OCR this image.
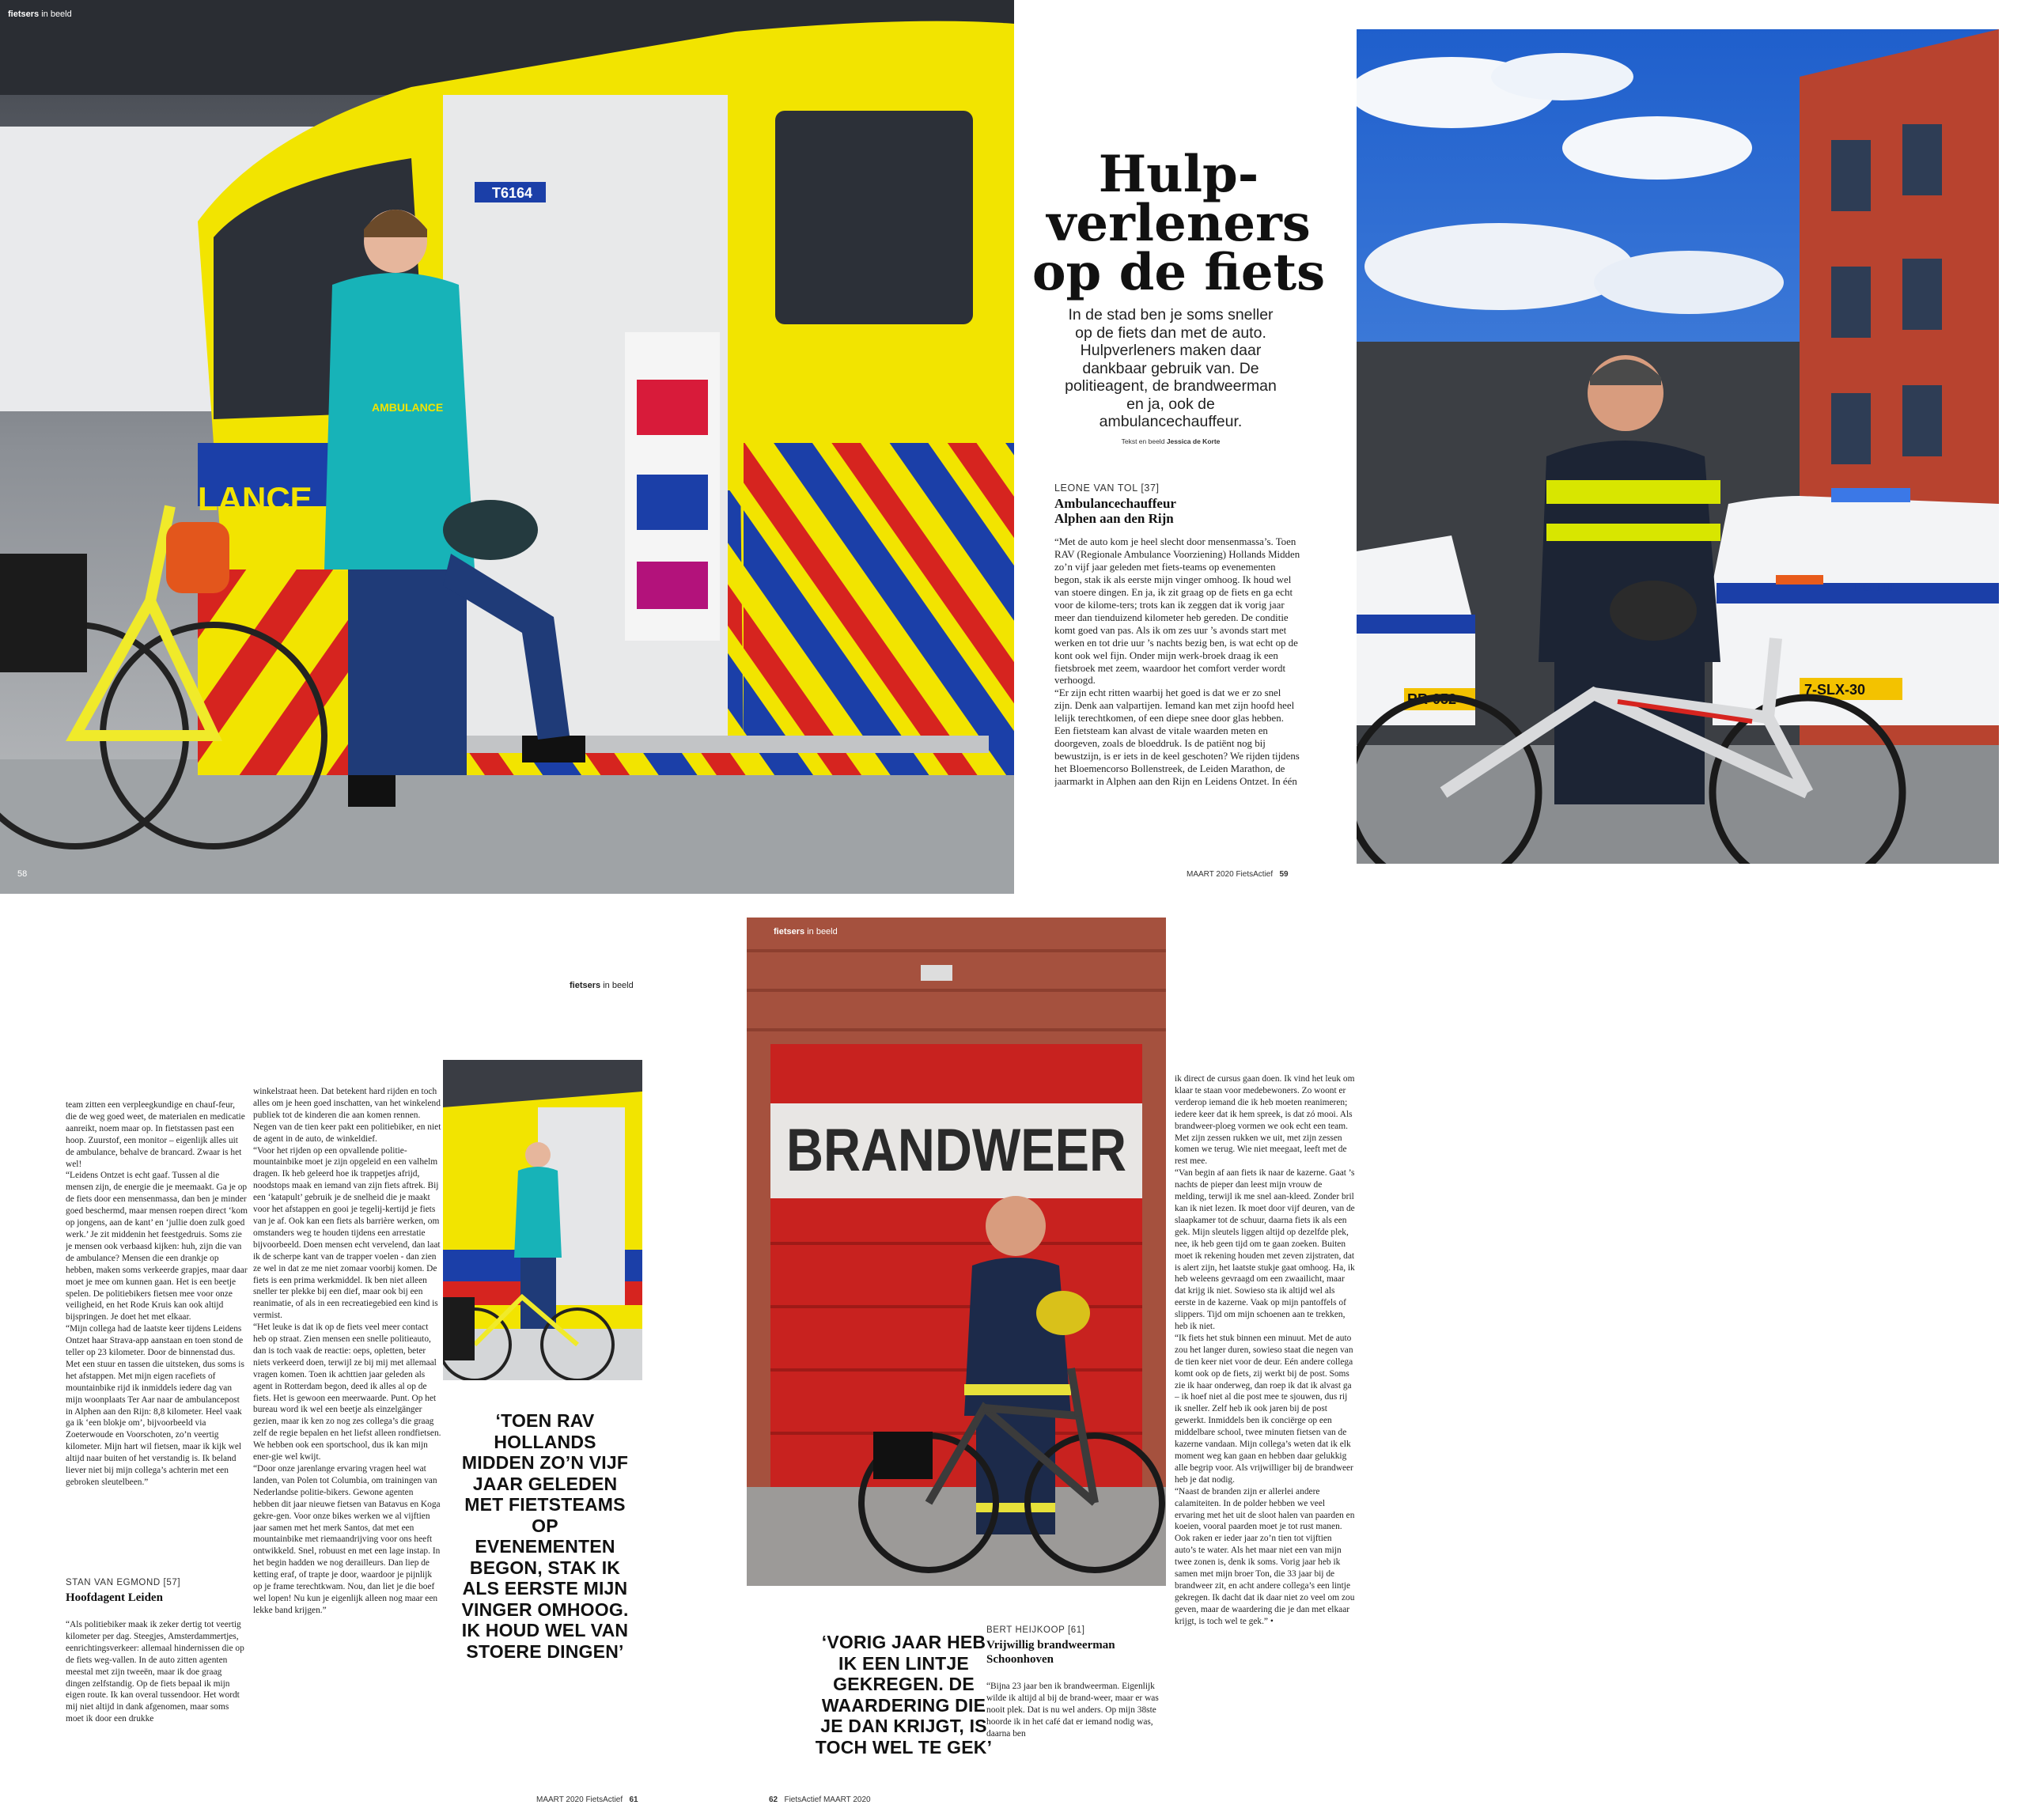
LANCE
T6164
AMBULANCE
58
fietsers in beeld
Hulp-
verleners
op de fiets
In de stad ben je soms sneller op de fiets dan met de auto. Hulpverleners maken daar dankbaar gebruik van. De politieagent, de brandweerman en ja, ook de ambulancechauffeur.
Tekst en beeld Jessica de Korte
LEONE VAN TOL [37]
Ambulancechauffeur
Alphen aan den Rijn
“Met de auto kom je heel slecht door mensenmassa’s. Toen RAV (Regionale Ambulance Voorziening) Hollands Midden zo’n vijf jaar geleden met fiets-teams op evenementen begon, stak ik als eerste mijn vinger omhoog. Ik houd wel van stoere dingen. En ja, ik zit graag op de fiets en ga echt voor de kilome-ters; trots kan ik zeggen dat ik vorig jaar meer dan tienduizend kilometer heb gereden. De conditie komt goed van pas. Als ik om zes uur ’s avonds start met werken en tot drie uur ’s nachts bezig ben, is wat echt op de kont ook wel fijn. Onder mijn werk-broek draag ik een fietsbroek met zeem, waardoor het comfort verder wordt verhoogd.
“Er zijn echt ritten waarbij het goed is dat we er zo snel zijn. Denk aan valpartijen. Iemand kan met zijn hoofd heel lelijk terechtkomen, of een diepe snee door glas hebben. Een fietsteam kan alvast de vitale waarden meten en doorgeven, zoals de bloeddruk. Is de patiënt nog bij bewustzijn, is er iets in de keel geschoten? We rijden tijdens het Bloemencorso Bollenstreek, de Leiden Marathon, de jaarmarkt in Alphen aan den Rijn en Leidens Ontzet. In één
MAART 2020 FietsActief 59
RR-052
POLITIE
7-SLX-30
fietsers in beeld
team zitten een verpleegkundige en chauf-feur, die de weg goed weet, de materialen en medicatie aanreikt, noem maar op. In fietstassen past een hoop. Zuurstof, een monitor – eigenlijk alles uit de ambulance, behalve de brancard. Zwaar is het wel!
“Leidens Ontzet is echt gaaf. Tussen al die mensen zijn, de energie die je meemaakt. Ga je op de fiets door een mensenmassa, dan ben je minder goed beschermd, maar mensen roepen direct ‘kom op jongens, aan de kant’ en ‘jullie doen zulk goed werk.’ Je zit middenin het feestgedruis. Soms zie je mensen ook verbaasd kijken: huh, zijn die van de ambulance? Mensen die een drankje op hebben, maken soms verkeerde grapjes, maar daar moet je mee om kunnen gaan. Het is een beetje spelen. De politiebikers fietsen mee voor onze veiligheid, en het Rode Kruis kan ook altijd bijspringen. Je doet het met elkaar.
“Mijn collega had de laatste keer tijdens Leidens Ontzet haar Strava-app aanstaan en toen stond de teller op 23 kilometer. Door de binnenstad dus. Met een stuur en tassen die uitsteken, dus soms is het afstappen. Met mijn eigen racefiets of mountainbike rijd ik inmiddels iedere dag van mijn woonplaats Ter Aar naar de ambulancepost in Alphen aan den Rijn: 8,8 kilometer. Heel vaak ga ik ‘een blokje om’, bijvoorbeeld via Zoeterwoude en Voorschoten, zo’n veertig kilometer. Mijn hart wil fietsen, maar ik kijk wel altijd naar buiten of het verstandig is. Ik beland liever niet bij mijn collega’s achterin met een gebroken sleutelbeen.”
STAN VAN EGMOND [57]
Hoofdagent Leiden
“Als politiebiker maak ik zeker dertig tot veertig kilometer per dag. Steegjes, Amsterdammertjes, eenrichtingsverkeer: allemaal hindernissen die op de fiets weg-vallen. In de auto zitten agenten meestal met zijn tweeën, maar ik doe graag dingen zelfstandig. Op de fiets bepaal ik mijn eigen route. Ik kan overal tussendoor. Het wordt mij niet altijd in dank afgenomen, maar soms moet ik door een drukke
winkelstraat heen. Dat betekent hard rijden en toch alles om je heen goed inschatten, van het winkelend publiek tot de kinderen die aan komen rennen. Negen van de tien keer pakt een politiebiker, en niet de agent in de auto, de winkeldief.
“Voor het rijden op een opvallende politie-mountainbike moet je zijn opgeleid en een valhelm dragen. Ik heb geleerd hoe ik trappetjes afrijd, noodstops maak en iemand van zijn fiets aftrek. Bij een ‘katapult’ gebruik je de snelheid die je maakt voor het afstappen en gooi je tegelij-kertijd je fiets van je af. Ook kan een fiets als barrière werken, om omstanders weg te houden tijdens een arrestatie bijvoorbeeld. Doen mensen echt vervelend, dan laat ik de scherpe kant van de trapper voelen - dan zien ze wel in dat ze me niet zomaar voorbij komen. De fiets is een prima werkmiddel. Ik ben niet alleen sneller ter plekke bij een dief, maar ook bij een reanimatie, of als in een recreatiegebied een kind is vermist.
“Het leuke is dat ik op de fiets veel meer contact heb op straat. Zien mensen een snelle politieauto, dan is toch vaak de reactie: oeps, opletten, beter niets verkeerd doen, terwijl ze bij mij met allemaal vragen komen. Toen ik achttien jaar geleden als agent in Rotterdam begon, deed ik alles al op de fiets. Het is gewoon een meerwaarde. Punt. Op het bureau word ik wel een beetje als einzelgänger gezien, maar ik ken zo nog zes collega’s die graag zelf de regie bepalen en het liefst alleen rondfietsen. We hebben ook een sportschool, dus ik kan mijn ener-gie wel kwijt.
“Door onze jarenlange ervaring vragen heel wat landen, van Polen tot Columbia, om trainingen van Nederlandse politie-bikers. Gewone agenten hebben dit jaar nieuwe fietsen van Batavus en Koga gekre-gen. Voor onze bikes werken we al vijftien jaar samen met het merk Santos, dat met een mountainbike met riemaandrijving voor ons heeft ontwikkeld. Snel, robuust en met een lage instap. In het begin hadden we nog derailleurs. Dan liep de ketting eraf, of trapte je door, waardoor je pijnlijk op je frame terechtkwam. Nou, dan liet je die boef wel lopen! Nu kun je eigenlijk alleen nog maar een lekke band krijgen.”
‘TOEN RAV HOLLANDS MIDDEN ZO’N VIJF JAAR GELEDEN MET FIETSTEAMS OP EVENEMENTEN BEGON, STAK IK ALS EERSTE MIJN VINGER OMHOOG. IK HOUD WEL VAN STOERE DINGEN’
MAART 2020 FietsActief 61
BRANDWEER
fietsers in beeld
‘VORIG JAAR HEB IK EEN LINTJE GEKREGEN. DE WAARDERING DIE JE DAN KRIJGT, IS TOCH WEL TE GEK’
BERT HEIJKOOP [61]
Vrijwillig brandweerman
Schoonhoven
“Bijna 23 jaar ben ik brandweerman. Eigenlijk wilde ik altijd al bij de brand-weer, maar er was nooit plek. Dat is nu wel anders. Op mijn 38ste hoorde ik in het café dat er iemand nodig was, daarna ben
ik direct de cursus gaan doen. Ik vind het leuk om klaar te staan voor medebewoners. Zo woont er verderop iemand die ik heb moeten reanimeren; iedere keer dat ik hem spreek, is dat zó mooi. Als brandweer-ploeg vormen we ook echt een team. Met zijn zessen rukken we uit, met zijn zessen komen we terug. Wie niet meegaat, leeft met de rest mee.
“Van begin af aan fiets ik naar de kazerne. Gaat ’s nachts de pieper dan leest mijn vrouw de melding, terwijl ik me snel aan-kleed. Zonder bril kan ik niet lezen. Ik moet door vijf deuren, van de slaapkamer tot de schuur, daarna fiets ik als een gek. Mijn sleutels liggen altijd op dezelfde plek, nee, ik heb geen tijd om te gaan zoeken. Buiten moet ik rekening houden met zeven zijstraten, dat is alert zijn, het laatste stukje gaat omhoog. Ha, ik heb weleens gevraagd om een zwaailicht, maar dat krijg ik niet. Sowieso sta ik altijd wel als eerste in de kazerne. Vaak op mijn pantoffels of slippers. Tijd om mijn schoenen aan te trekken, heb ik niet.
“Ik fiets het stuk binnen een minuut. Met de auto zou het langer duren, sowieso staat die negen van de tien keer niet voor de deur. Eén andere collega komt ook op de fiets, zij werkt bij de post. Soms zie ik haar onderweg, dan roep ik dat ik alvast ga – ik hoef niet al die post mee te sjouwen, dus rij ik sneller. Zelf heb ik ook jaren bij de post gewerkt. Inmiddels ben ik conciërge op een middelbare school, twee minuten fietsen van de kazerne vandaan. Mijn collega’s weten dat ik elk moment weg kan gaan en hebben daar gelukkig alle begrip voor. Als vrijwilliger bij de brandweer heb je dat nodig.
“Naast de branden zijn er allerlei andere calamiteiten. In de polder hebben we veel ervaring met het uit de sloot halen van paarden en koeien, vooral paarden moet je tot rust manen. Ook raken er ieder jaar zo’n tien tot vijftien auto’s te water. Als het maar niet een van mijn twee zonen is, denk ik soms. Vorig jaar heb ik samen met mijn broer Ton, die 33 jaar bij de brandweer zit, en acht andere collega’s een lintje gekregen. Ik dacht dat ik daar niet zo veel om zou geven, maar de waardering die je dan met elkaar krijgt, is toch wel te gek.” •
62 FietsActief MAART 2020
